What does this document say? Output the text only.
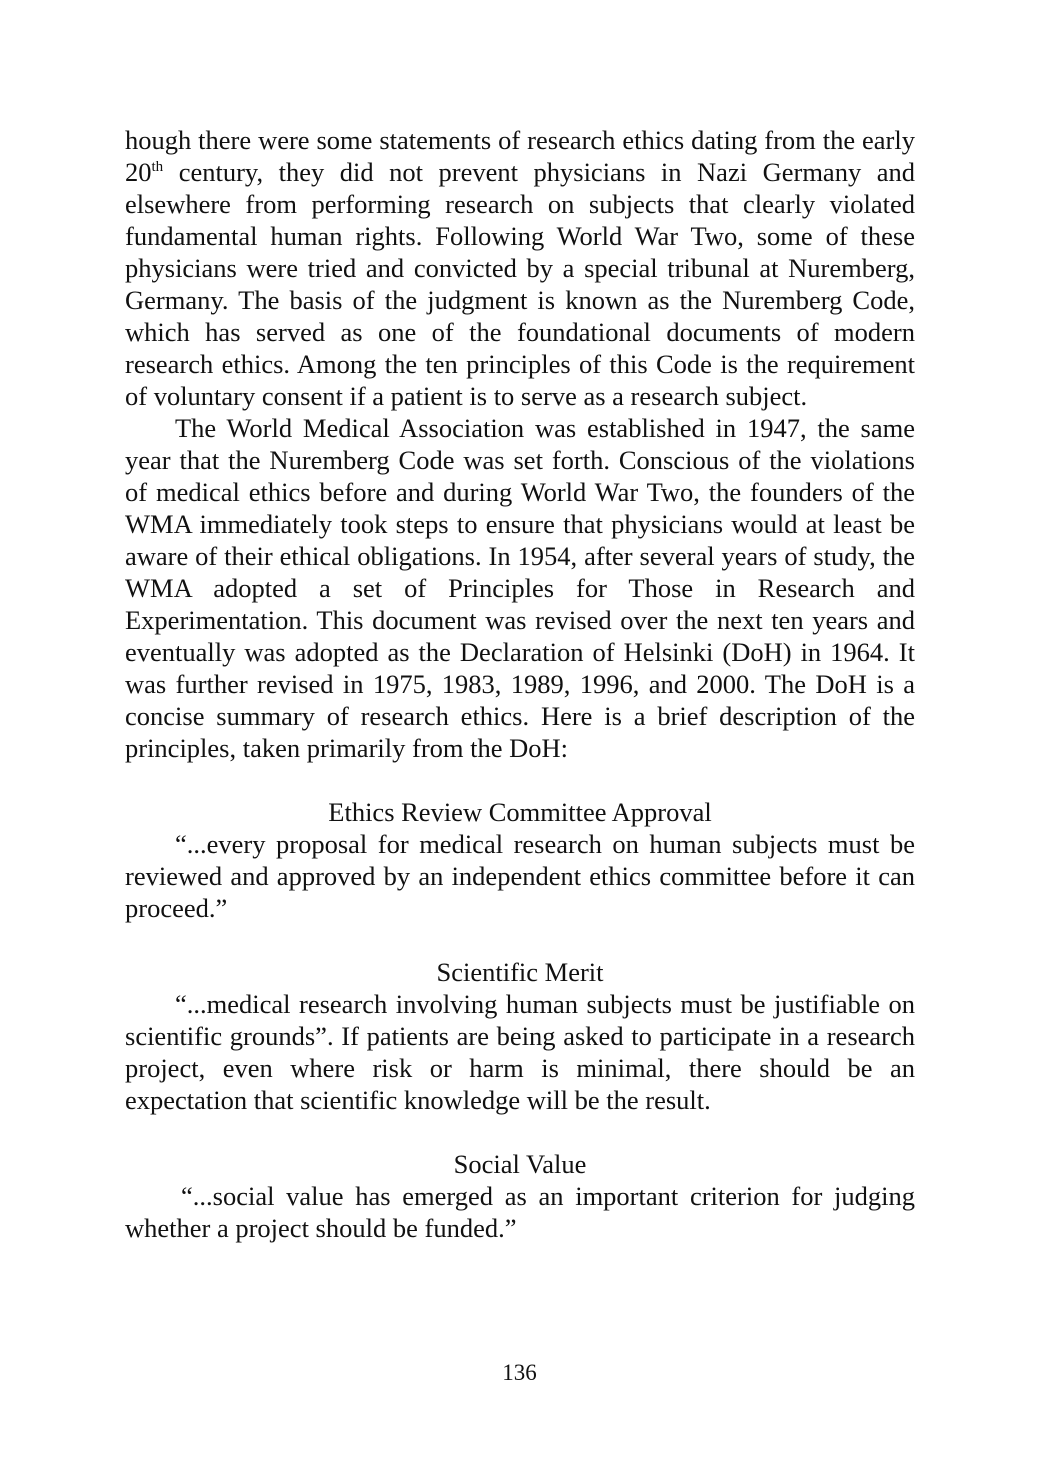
hough there were some statements of research ethics dating from the early 20th century, they did not prevent physicians in Nazi Germany and elsewhere from performing research on subjects that clearly violated fundamental human rights. Following World War Two, some of these physicians were tried and convicted by a special tribunal at Nuremberg, Germany. The basis of the judgment is known as the Nuremberg Code, which has served as one of the foundational documents of modern research ethics. Among the ten principles of this Code is the requirement of voluntary consent if a patient is to serve as a research subject.

The World Medical Association was established in 1947, the same year that the Nuremberg Code was set forth. Conscious of the violations of medical ethics before and during World War Two, the founders of the WMA immediately took steps to ensure that physicians would at least be aware of their ethical obligations. In 1954, after several years of study, the WMA adopted a set of Principles for Those in Research and Experimentation. This document was revised over the next ten years and eventually was adopted as the Declaration of Helsinki (DoH) in 1964. It was further revised in 1975, 1983, 1989, 1996, and 2000. The DoH is a concise summary of research ethics. Here is a brief description of the principles, taken primarily from the DoH:

Ethics Review Committee Approval

“...every proposal for medical research on human subjects must be reviewed and approved by an independent ethics committee before it can proceed.”

Scientific Merit

“...medical research involving human subjects must be justifiable on scientific grounds”. If patients are being asked to participate in a research project, even where risk or harm is minimal, there should be an expectation that scientific knowledge will be the result.

Social Value

“...social value has emerged as an important criterion for judging whether a project should be funded.”

136
